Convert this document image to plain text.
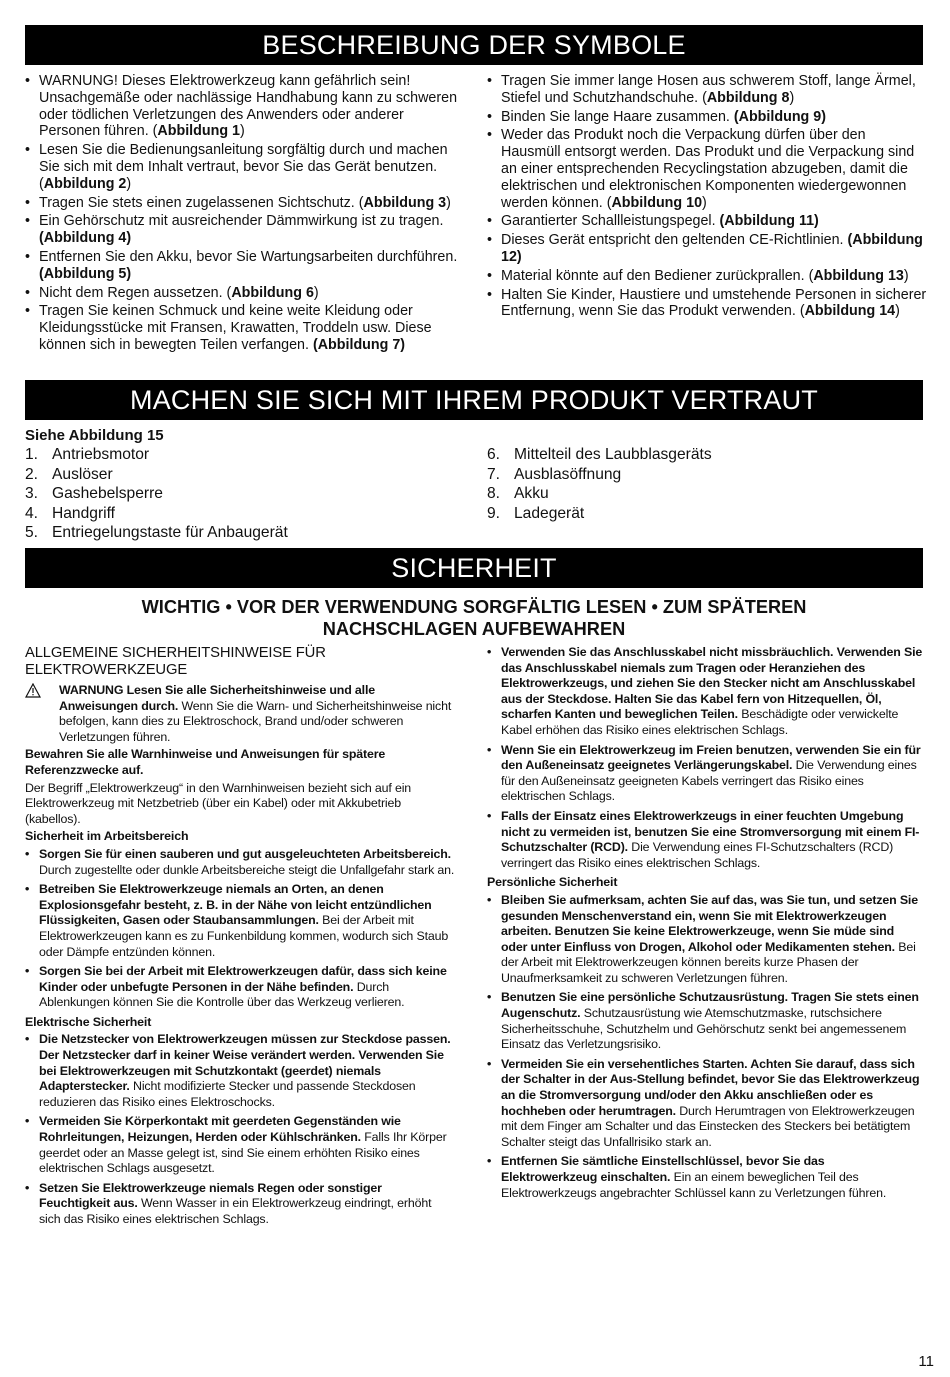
BESCHREIBUNG DER SYMBOLE
• WARNUNG! Dieses Elektrowerkzeug kann gefährlich sein! Unsachgemäße oder nachlässige Handhabung kann zu schweren oder tödlichen Verletzungen des Anwenders oder anderer Personen führen. (Abbildung 1)
• Lesen Sie die Bedienungsanleitung sorgfältig durch und machen Sie sich mit dem Inhalt vertraut, bevor Sie das Gerät benutzen. (Abbildung 2)
• Tragen Sie stets einen zugelassenen Sichtschutz. (Abbildung 3)
• Ein Gehörschutz mit ausreichender Dämmwirkung ist zu tragen. (Abbildung 4)
• Entfernen Sie den Akku, bevor Sie Wartungsarbeiten durchführen. (Abbildung 5)
• Nicht dem Regen aussetzen. (Abbildung 6)
• Tragen Sie keinen Schmuck und keine weite Kleidung oder Kleidungsstücke mit Fransen, Krawatten, Troddeln usw. Diese können sich in bewegten Teilen verfangen. (Abbildung 7)
• Tragen Sie immer lange Hosen aus schwerem Stoff, lange Ärmel, Stiefel und Schutzhandschuhe. (Abbildung 8)
• Binden Sie lange Haare zusammen. (Abbildung 9)
• Weder das Produkt noch die Verpackung dürfen über den Hausmüll entsorgt werden. Das Produkt und die Verpackung sind an einer entsprechenden Recyclingstation abzugeben, damit die elektrischen und elektronischen Komponenten wiedergewonnen werden können. (Abbildung 10)
• Garantierter Schallleistungspegel. (Abbildung 11)
• Dieses Gerät entspricht den geltenden CE-Richtlinien. (Abbildung 12)
• Material könnte auf den Bediener zurückprallen. (Abbildung 13)
• Halten Sie Kinder, Haustiere und umstehende Personen in sicherer Entfernung, wenn Sie das Produkt verwenden. (Abbildung 14)
MACHEN SIE SICH MIT IHREM PRODUKT VERTRAUT
Siehe Abbildung 15
1. Antriebsmotor
2. Auslöser
3. Gashebelsperre
4. Handgriff
5. Entriegelungstaste für Anbaugerät
6. Mittelteil des Laubblasgeräts
7. Ausblasöffnung
8. Akku
9. Ladegerät
SICHERHEIT
WICHTIG • VOR DER VERWENDUNG SORGFÄLTIG LESEN • ZUM SPÄTEREN
NACHSCHLAGEN AUFBEWAHREN
ALLGEMEINE SICHERHEITSHINWEISE FÜR ELEKTROWERKZEUGE

WARNUNG Lesen Sie alle Sicherheitshinweise und alle Anweisungen durch. Wenn Sie die Warn- und Sicherheitshinweise nicht befolgen, kann dies zu Elektroschock, Brand und/oder schweren Verletzungen führen.

Bewahren Sie alle Warnhinweise und Anweisungen für spätere Referenzzwecke auf.

Der Begriff „Elektrowerkzeug“ in den Warnhinweisen bezieht sich auf ein Elektrowerkzeug mit Netzbetrieb (über ein Kabel) oder mit Akkubetrieb (kabellos).

Sicherheit im Arbeitsbereich
• Sorgen Sie für einen sauberen und gut ausgeleuchteten Arbeitsbereich. Durch zugestellte oder dunkle Arbeitsbereiche steigt die Unfallgefahr stark an.
• Betreiben Sie Elektrowerkzeuge niemals an Orten, an denen Explosionsgefahr besteht, z. B. in der Nähe von leicht entzündlichen Flüssigkeiten, Gasen oder Staubansammlungen. Bei der Arbeit mit Elektrowerkzeugen kann es zu Funkenbildung kommen, wodurch sich Staub oder Dämpfe entzünden können.
• Sorgen Sie bei der Arbeit mit Elektrowerkzeugen dafür, dass sich keine Kinder oder unbefugte Personen in der Nähe befinden. Durch Ablenkungen können Sie die Kontrolle über das Werkzeug verlieren.
Elektrische Sicherheit
• Die Netzstecker von Elektrowerkzeugen müssen zur Steckdose passen. Der Netzstecker darf in keiner Weise verändert werden. Verwenden Sie bei Elektrowerkzeugen mit Schutzkontakt (geerdet) niemals Adapterstecker. Nicht modifizierte Stecker und passende Steckdosen reduzieren das Risiko eines Elektroschocks.
• Vermeiden Sie Körperkontakt mit geerdeten Gegenständen wie Rohrleitungen, Heizungen, Herden oder Kühlschränken. Falls Ihr Körper geerdet oder an Masse gelegt ist, sind Sie einem erhöhten Risiko eines elektrischen Schlags ausgesetzt.
• Setzen Sie Elektrowerkzeuge niemals Regen oder sonstiger Feuchtigkeit aus. Wenn Wasser in ein Elektrowerkzeug eindringt, erhöht sich das Risiko eines elektrischen Schlags.
• Verwenden Sie das Anschlusskabel nicht missbräuchlich. Verwenden Sie das Anschlusskabel niemals zum Tragen oder Heranziehen des Elektrowerkzeugs, und ziehen Sie den Stecker nicht am Anschlusskabel aus der Steckdose. Halten Sie das Kabel fern von Hitzequellen, Öl, scharfen Kanten und beweglichen Teilen. Beschädigte oder verwickelte Kabel erhöhen das Risiko eines elektrischen Schlags.
• Wenn Sie ein Elektrowerkzeug im Freien benutzen, verwenden Sie ein für den Außeneinsatz geeignetes Verlängerungskabel. Die Verwendung eines für den Außeneinsatz geeigneten Kabels verringert das Risiko eines elektrischen Schlags.
• Falls der Einsatz eines Elektrowerkzeugs in einer feuchten Umgebung nicht zu vermeiden ist, benutzen Sie eine Stromversorgung mit einem FI-Schutzschalter (RCD). Die Verwendung eines FI-Schutzschalters (RCD) verringert das Risiko eines elektrischen Schlags.
Persönliche Sicherheit
• Bleiben Sie aufmerksam, achten Sie auf das, was Sie tun, und setzen Sie gesunden Menschenverstand ein, wenn Sie mit Elektrowerkzeugen arbeiten. Benutzen Sie keine Elektrowerkzeuge, wenn Sie müde sind oder unter Einfluss von Drogen, Alkohol oder Medikamenten stehen. Bei der Arbeit mit Elektrowerkzeugen können bereits kurze Phasen der Unaufmerksamkeit zu schweren Verletzungen führen.
• Benutzen Sie eine persönliche Schutzausrüstung. Tragen Sie stets einen Augenschutz. Schutzausrüstung wie Atemschutzmaske, rutschsichere Sicherheitsschuhe, Schutzhelm und Gehörschutz senkt bei angemessenem Einsatz das Verletzungsrisiko.
• Vermeiden Sie ein versehentliches Starten. Achten Sie darauf, dass sich der Schalter in der Aus-Stellung befindet, bevor Sie das Elektrowerkzeug an die Stromversorgung und/oder den Akku anschließen oder es hochheben oder herumtragen. Durch Herumtragen von Elektrowerkzeugen mit dem Finger am Schalter und das Einstecken des Steckers bei betätigtem Schalter steigt das Unfallrisiko stark an.
• Entfernen Sie sämtliche Einstellschlüssel, bevor Sie das Elektrowerkzeug einschalten. Ein an einem beweglichen Teil des Elektrowerkzeugs angebrachter Schlüssel kann zu Verletzungen führen.
11
